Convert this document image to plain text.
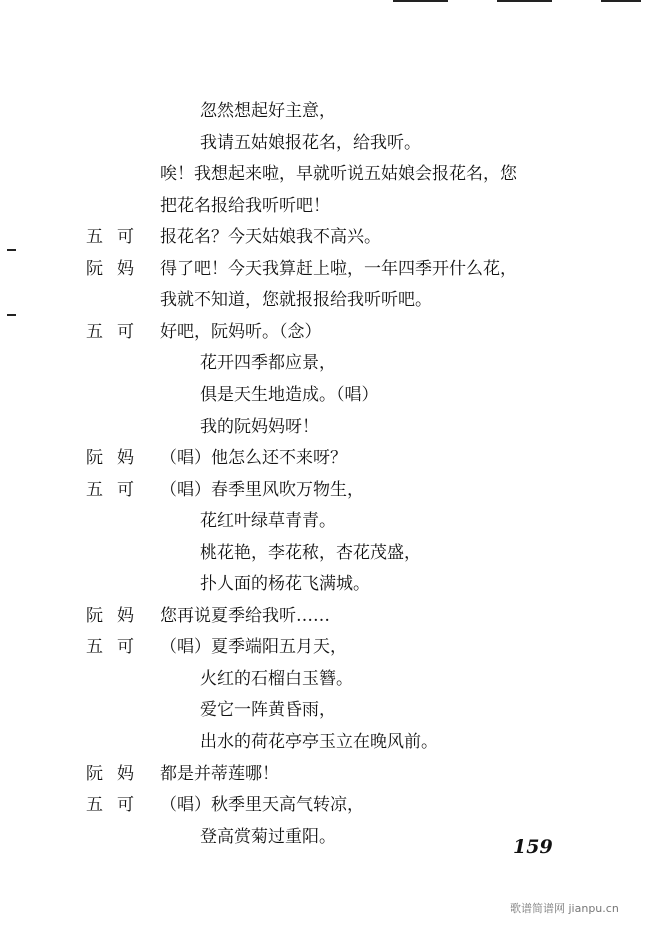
忽然想起好主意，
我请五姑娘报花名，给我听。
唉！我想起来啦，早就听说五姑娘会报花名，您
把花名报给我听听吧！
五可 报花名？今天姑娘我不高兴。
阮妈 得了吧！今天我算赶上啦，一年四季开什么花，
我就不知道，您就报报给我听听吧。
五可 好吧，阮妈听。（念）
花开四季都应景，
俱是天生地造成。（唱）
我的阮妈妈呀！
阮妈 （唱）他怎么还不来呀？
五可 （唱）春季里风吹万物生，
花红叶绿草青青。
桃花艳，李花秾，杏花茂盛，
扑人面的杨花飞满城。
阮妈 您再说夏季给我听……
五可 （唱）夏季端阳五月天，
火红的石榴白玉簪。
爱它一阵黄昏雨，
出水的荷花亭亭玉立在晚风前。
阮妈 都是并蒂莲哪！
五可 （唱）秋季里天高气转凉，
登高赏菊过重阳。	159
歌谱简谱网 jianpu.cn
